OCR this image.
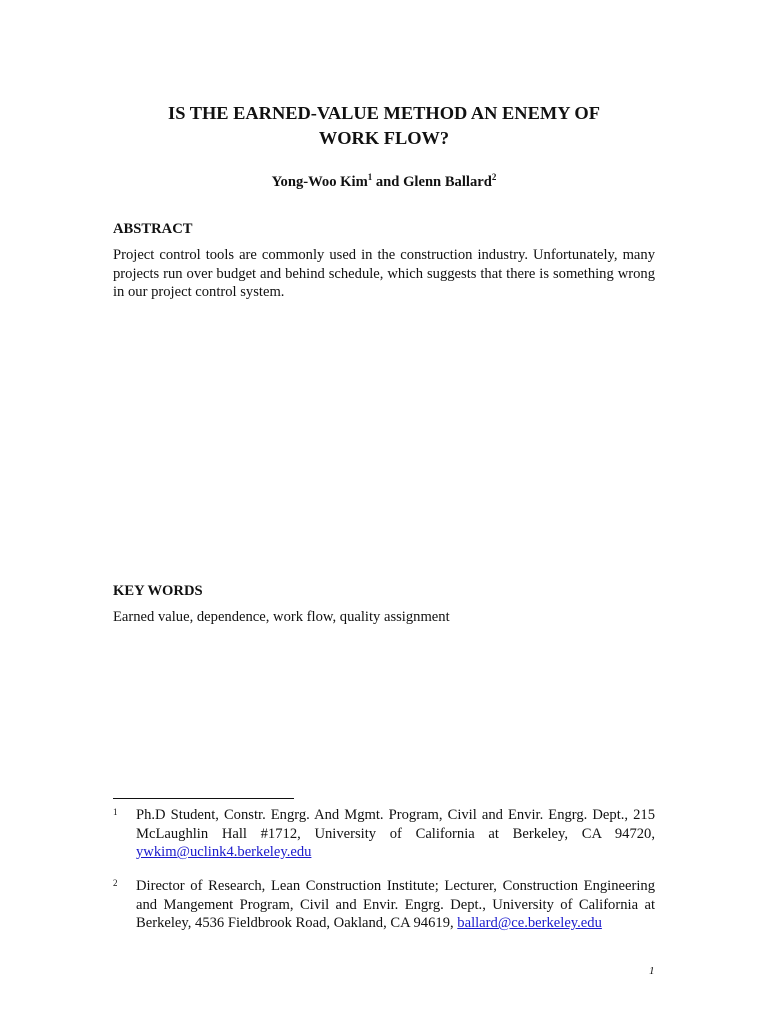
IS THE EARNED-VALUE METHOD AN ENEMY OF
WORK FLOW?
Yong-Woo Kim$^1$ and Glenn Ballard$^2$
ABSTRACT

Project control tools are commonly used in the construction industry. Unfortunately, many projects run over budget and behind schedule, which suggests that there is something wrong in our project control system.

KEY WORDS
Earned value, dependence, work flow, quality assignment

1 Ph.D Student, Constr. Engrg. And Mgmt. Program, Civil and Envir. Engrg. Dept., 215 McLaughlin Hall #1712, University of California at Berkeley, CA 94720, ywkim@uclink4.berkeley.edu

2 Director of Research, Lean Construction Institute; Lecturer, Construction Engineering and Mangement Program, Civil and Envir. Engrg. Dept., University of California at Berkeley, 4536 Fieldbrook Road, Oakland, CA 94619, ballard@ce.berkeley.edu

1
